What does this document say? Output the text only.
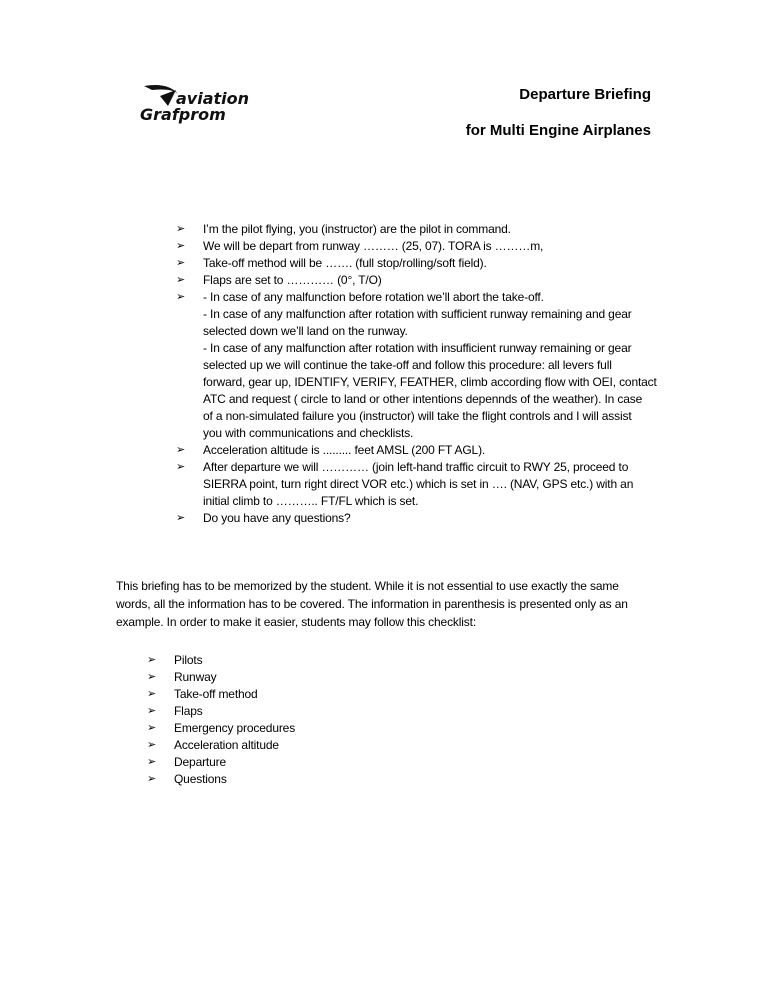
aviation
Grafprom
Departure Briefing
for Multi Engine Airplanes
➢ I’m the pilot flying, you (instructor) are the pilot in command.
➢ We will be depart from runway ……… (25, 07). TORA is ………m,
➢ Take-off method will be ……. (full stop/rolling/soft field).
➢ Flaps are set to ………… (0°, T/O)
➢ - In case of any malfunction before rotation we’ll abort the take-off.
- In case of any malfunction after rotation with sufficient runway remaining and gear
selected down we’ll land on the runway.
- In case of any malfunction after rotation with insufficient runway remaining or gear
selected up we will continue the take-off and follow this procedure: all levers full
forward, gear up, IDENTIFY, VERIFY, FEATHER, climb according flow with OEI, contact
ATC and request ( circle to land or other intentions depennds of the weather). In case
of a non-simulated failure you (instructor) will take the flight controls and I will assist
you with communications and checklists.
➢ Acceleration altitude is ......... feet AMSL (200 FT AGL).
➢ After departure we will ………… (join left-hand traffic circuit to RWY 25, proceed to
SIERRA point, turn right direct VOR etc.) which is set in …. (NAV, GPS etc.) with an
initial climb to ……….. FT/FL which is set.
➢ Do you have any questions?
This briefing has to be memorized by the student. While it is not essential to use exactly the same
words, all the information has to be covered. The information in parenthesis is presented only as an
example. In order to make it easier, students may follow this checklist:
➢ Pilots
➢ Runway
➢ Take-off method
➢ Flaps
➢ Emergency procedures
➢ Acceleration altitude
➢ Departure
➢ Questions
